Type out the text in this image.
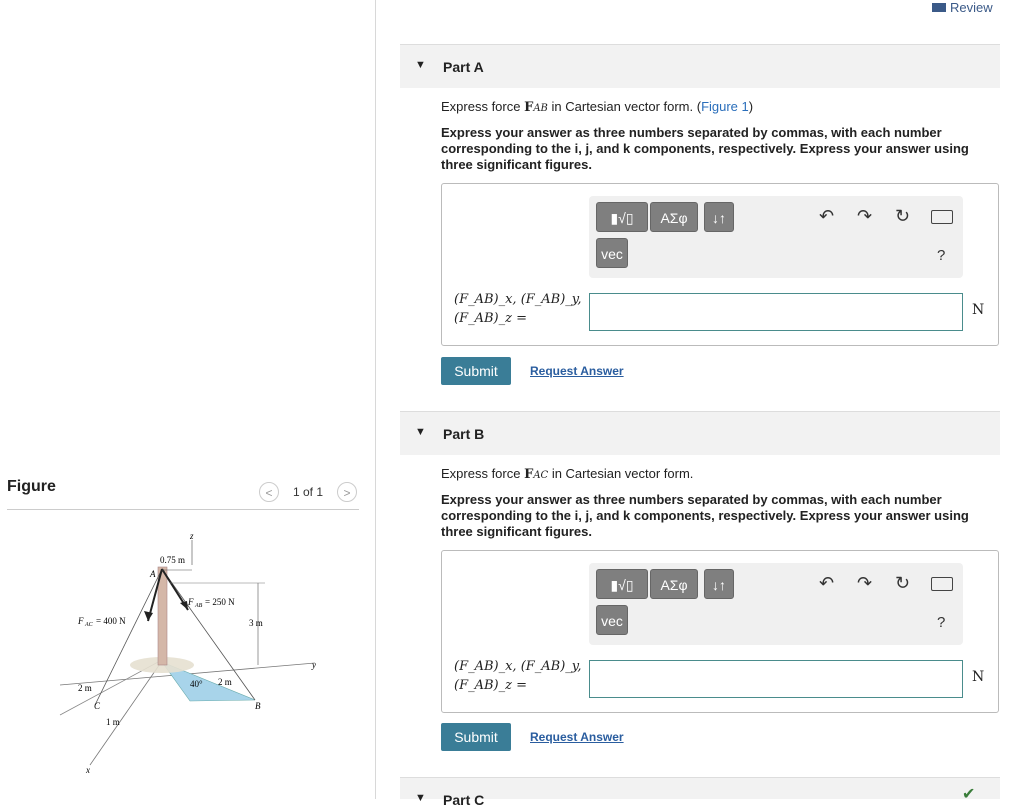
Figure	<	1 of 1	>
z
0.75 m
A
F AB = 250 N
F AC = 400 N	3 m
y
40° 2 m
2 m
C	B
1 m
x
Review
▼ Part A
Express force FAB in Cartesian vector form. (Figure 1)
Express your answer as three numbers separated by commas, with each number corresponding to the i, j, and k components, respectively. Express your answer using three significant figures.
▮√▯	ΑΣφ	↓↑
vec
↶ ↷ ↻
?
(F_AB)_x, (F_AB)_y,
(F_AB)_z =
N
Submit	Request Answer
▼ Part B
Express force FAC in Cartesian vector form.
Express your answer as three numbers separated by commas, with each number corresponding to the i, j, and k components, respectively. Express your answer using three significant figures.
▮√▯	ΑΣφ	↓↑
vec
↶ ↷ ↻
?
(F_AB)_x, (F_AB)_y,
(F_AB)_z =
N
Submit	Request Answer
▼ Part C	✔
